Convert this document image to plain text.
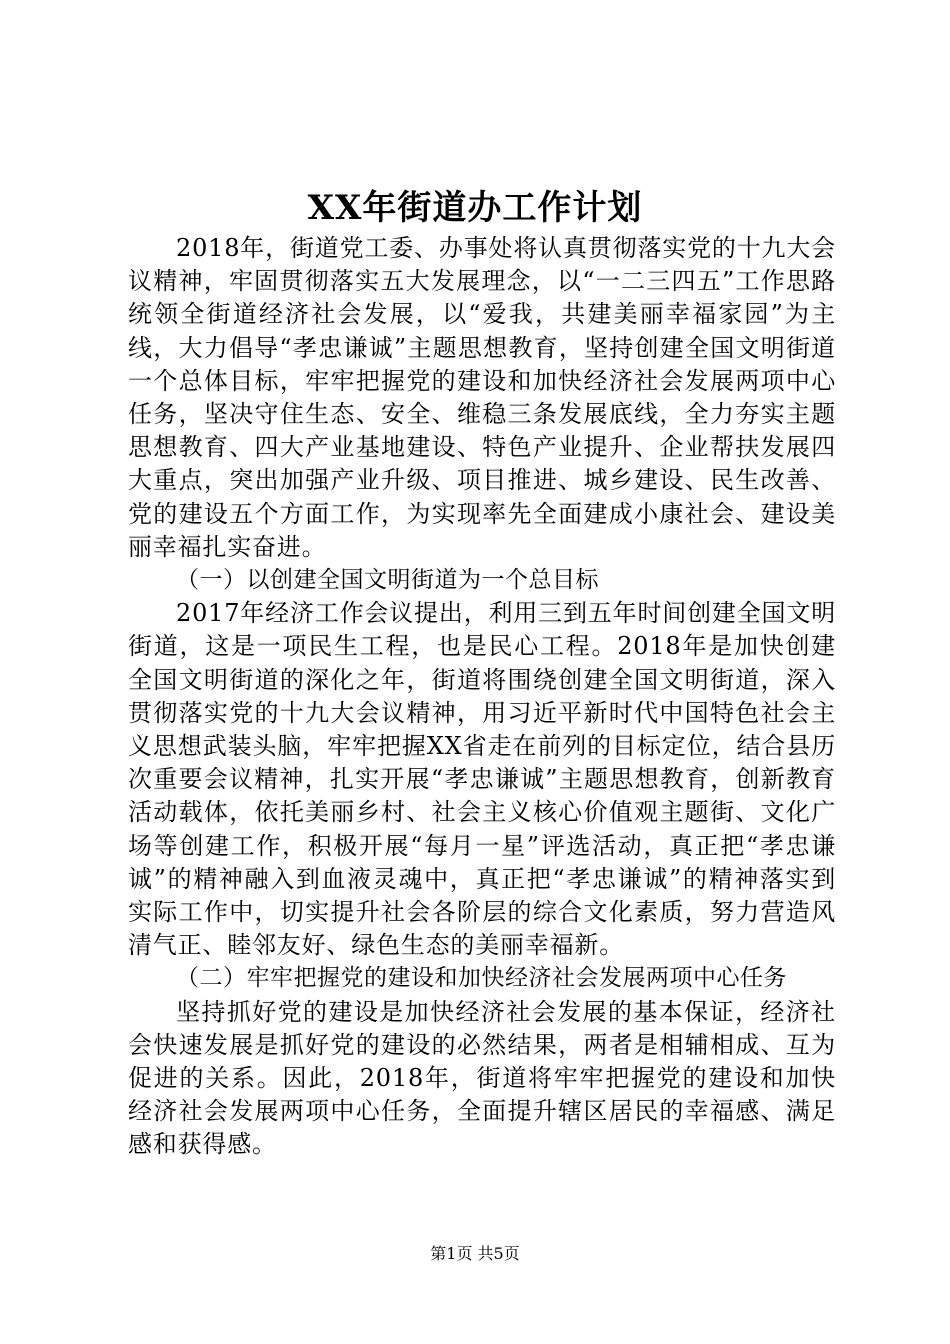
XX年街道办工作计划

2018年，街道党工委、办事处将认真贯彻落实党的十九大会议精神，牢固贯彻落实五大发展理念，以“一二三四五”工作思路统领全街道经济社会发展，以“爱我，共建美丽幸福家园”为主线，大力倡导“孝忠谦诚”主题思想教育，坚持创建全国文明街道一个总体目标，牢牢把握党的建设和加快经济社会发展两项中心任务，坚决守住生态、安全、维稳三条发展底线，全力夯实主题思想教育、四大产业基地建设、特色产业提升、企业帮扶发展四大重点，突出加强产业升级、项目推进、城乡建设、民生改善、党的建设五个方面工作，为实现率先全面建成小康社会、建设美丽幸福扎实奋进。

（一）以创建全国文明街道为一个总目标

2017年经济工作会议提出，利用三到五年时间创建全国文明街道，这是一项民生工程，也是民心工程。2018年是加快创建全国文明街道的深化之年，街道将围绕创建全国文明街道，深入贯彻落实党的十九大会议精神，用习近平新时代中国特色社会主义思想武装头脑，牢牢把握XX省走在前列的目标定位，结合县历次重要会议精神，扎实开展“孝忠谦诚”主题思想教育，创新教育活动载体，依托美丽乡村、社会主义核心价值观主题街、文化广场等创建工作，积极开展“每月一星”评选活动，真正把“孝忠谦诚”的精神融入到血液灵魂中，真正把“孝忠谦诚”的精神落实到实际工作中，切实提升社会各阶层的综合文化素质，努力营造风清气正、睦邻友好、绿色生态的美丽幸福新。

（二）牢牢把握党的建设和加快经济社会发展两项中心任务

坚持抓好党的建设是加快经济社会发展的基本保证，经济社会快速发展是抓好党的建设的必然结果，两者是相辅相成、互为促进的关系。因此，2018年，街道将牢牢把握党的建设和加快经济社会发展两项中心任务，全面提升辖区居民的幸福感、满足感和获得感。

第1页 共5页
